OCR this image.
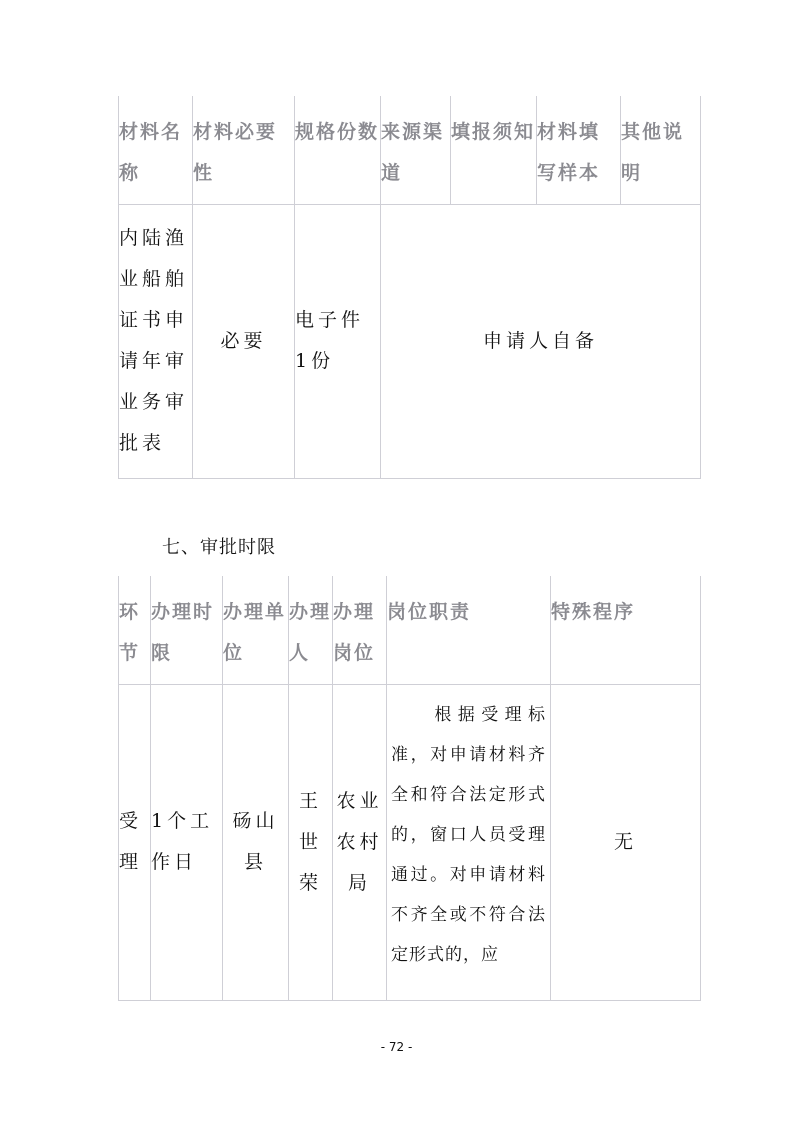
材料名称	材料必要性	规格份数	来源渠道	填报须知	材料填写样本	其他说明
内陆渔业船舶证书申请年审业务审批表	必要	电子件1份	申请人自备			
七、审批时限
环节	办理时限	办理单位	办理人	办理岗位	岗位职责	特殊程序
受理	1个工作日	砀山县	王世荣	农业农村局	根据受理标准，对申请材料齐全和符合法定形式的，窗口人员受理通过。对申请材料不齐全或不符合法定形式的，应	无
- 72 -
